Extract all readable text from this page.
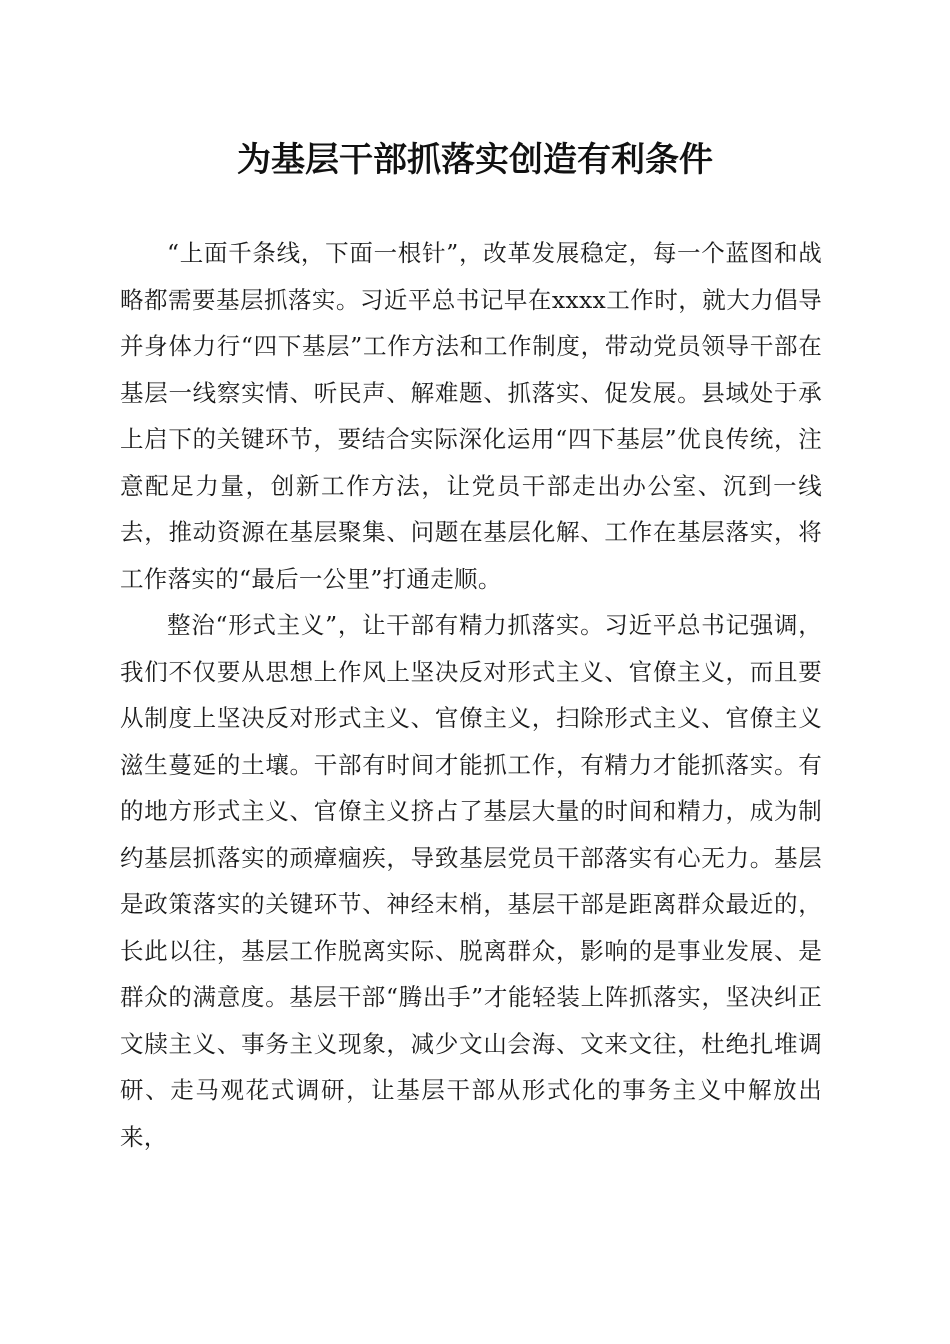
为基层干部抓落实创造有利条件

“上面千条线，下面一根针”，改革发展稳定，每一个蓝图和战略都需要基层抓落实。习近平总书记早在xxxx工作时，就大力倡导并身体力行“四下基层”工作方法和工作制度，带动党员领导干部在基层一线察实情、听民声、解难题、抓落实、促发展。县域处于承上启下的关键环节，要结合实际深化运用“四下基层”优良传统，注意配足力量，创新工作方法，让党员干部走出办公室、沉到一线去，推动资源在基层聚集、问题在基层化解、工作在基层落实，将工作落实的“最后一公里”打通走顺。

整治“形式主义”，让干部有精力抓落实。习近平总书记强调，我们不仅要从思想上作风上坚决反对形式主义、官僚主义，而且要从制度上坚决反对形式主义、官僚主义，扫除形式主义、官僚主义滋生蔓延的土壤。干部有时间才能抓工作，有精力才能抓落实。有的地方形式主义、官僚主义挤占了基层大量的时间和精力，成为制约基层抓落实的顽瘴痼疾，导致基层党员干部落实有心无力。基层是政策落实的关键环节、神经末梢，基层干部是距离群众最近的，长此以往，基层工作脱离实际、脱离群众，影响的是事业发展、是群众的满意度。基层干部“腾出手”才能轻装上阵抓落实，坚决纠正文牍主义、事务主义现象，减少文山会海、文来文往，杜绝扎堆调研、走马观花式调研，让基层干部从形式化的事务主义中解放出来，
